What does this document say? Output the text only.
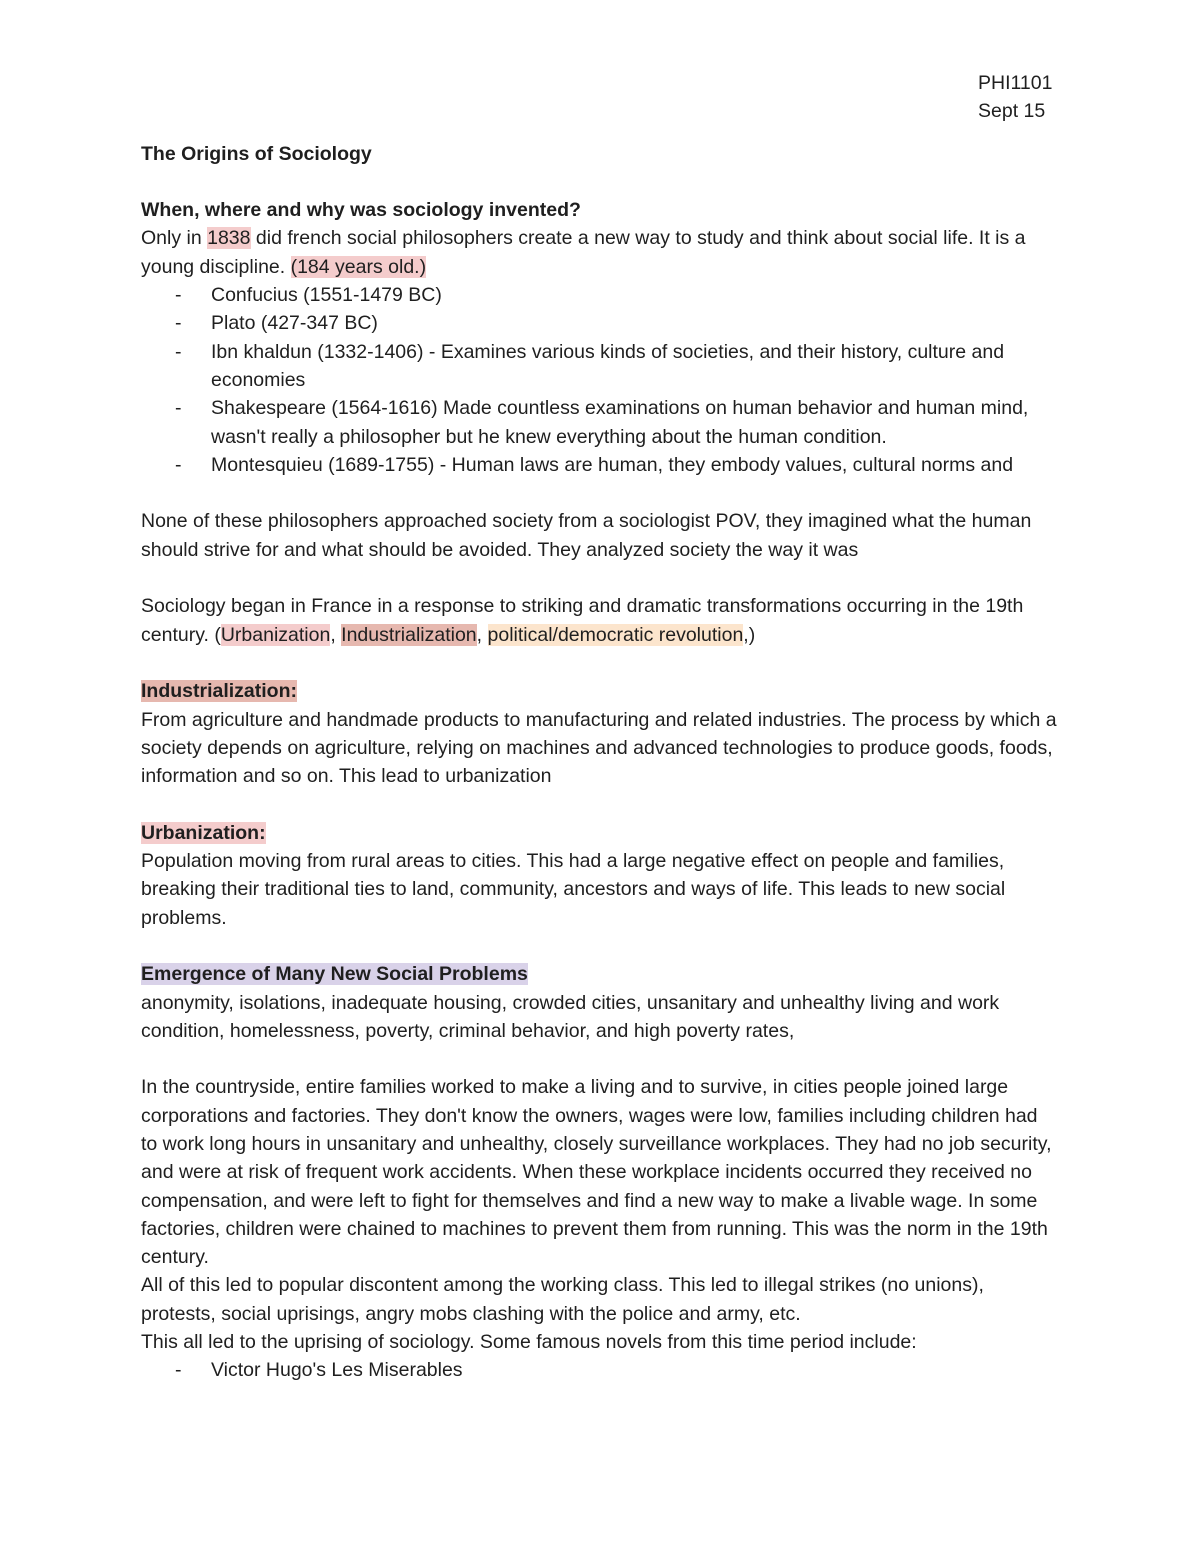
PHI1101
Sept 15
The Origins of Sociology
When, where and why was sociology invented?
Only in 1838 did french social philosophers create a new way to study and think about social life. It is a young discipline. (184 years old.)
- Confucius (1551-1479 BC)
- Plato (427-347 BC)
- Ibn khaldun (1332-1406) - Examines various kinds of societies, and their history, culture and economies
- Shakespeare (1564-1616) Made countless examinations on human behavior and human mind, wasn't really a philosopher but he knew everything about the human condition.
- Montesquieu (1689-1755) - Human laws are human, they embody values, cultural norms and
None of these philosophers approached society from a sociologist POV, they imagined what the human should strive for and what should be avoided. They analyzed society the way it was
Sociology began in France in a response to striking and dramatic transformations occurring in the 19th century. (Urbanization, Industrialization, political/democratic revolution,)
Industrialization:
From agriculture and handmade products to manufacturing and related industries. The process by which a society depends on agriculture, relying on machines and advanced technologies to produce goods, foods, information and so on. This lead to urbanization
Urbanization:
Population moving from rural areas to cities. This had a large negative effect on people and families, breaking their traditional ties to land, community, ancestors and ways of life. This leads to new social problems.
Emergence of Many New Social Problems
anonymity, isolations, inadequate housing, crowded cities, unsanitary and unhealthy living and work condition, homelessness, poverty, criminal behavior, and high poverty rates,
In the countryside, entire families worked to make a living and to survive, in cities people joined large corporations and factories. They don't know the owners, wages were low, families including children had to work long hours in unsanitary and unhealthy, closely surveillance workplaces. They had no job security, and were at risk of frequent work accidents. When these workplace incidents occurred they received no compensation, and were left to fight for themselves and find a new way to make a livable wage. In some factories, children were chained to machines to prevent them from running. This was the norm in the 19th century.
All of this led to popular discontent among the working class. This led to illegal strikes (no unions), protests, social uprisings, angry mobs clashing with the police and army, etc.
This all led to the uprising of sociology. Some famous novels from this time period include:
- Victor Hugo's Les Miserables
